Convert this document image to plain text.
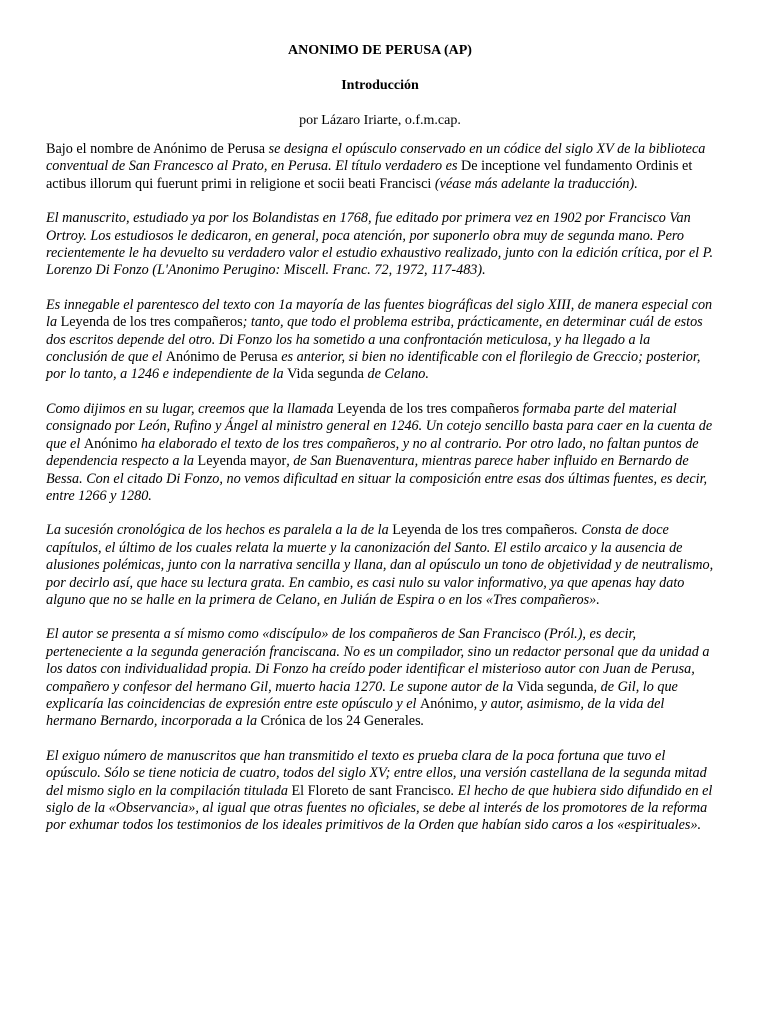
ANONIMO DE PERUSA (AP)
Introducción
por Lázaro Iriarte, o.f.m.cap.

Bajo el nombre de Anónimo de Perusa se designa el opúsculo conservado en un códice del siglo XV de la biblioteca conventual de San Francesco al Prato, en Perusa. El título verdadero es De inceptione vel fundamento Ordinis et actibus illorum qui fuerunt primi in religione et socii beati Francisci (véase más adelante la traducción).

El manuscrito, estudiado ya por los Bolandistas en 1768, fue editado por primera vez en 1902 por Francisco Van Ortroy. Los estudiosos le dedicaron, en general, poca atención, por suponerlo obra muy de segunda mano. Pero recientemente le ha devuelto su verdadero valor el estudio exhaustivo realizado, junto con la edición crítica, por el P. Lorenzo Di Fonzo (L'Anonimo Perugino: Miscell. Franc. 72, 1972, 117-483).

Es innegable el parentesco del texto con 1a mayoría de las fuentes biográficas del siglo XIII, de manera especial con la Leyenda de los tres compañeros; tanto, que todo el problema estriba, prácticamente, en determinar cuál de estos dos escritos depende del otro. Di Fonzo los ha sometido a una confrontación meticulosa, y ha llegado a la conclusión de que el Anónimo de Perusa es anterior, si bien no identificable con el florilegio de Greccio; posterior, por lo tanto, a 1246 e independiente de la Vida segunda de Celano.

Como dijimos en su lugar, creemos que la llamada Leyenda de los tres compañeros formaba parte del material consignado por León, Rufino y Ángel al ministro general en 1246. Un cotejo sencillo basta para caer en la cuenta de que el Anónimo ha elaborado el texto de los tres compañeros, y no al contrario. Por otro lado, no faltan puntos de dependencia respecto a la Leyenda mayor, de San Buenaventura, mientras parece haber influido en Bernardo de Bessa. Con el citado Di Fonzo, no vemos dificultad en situar la composición entre esas dos últimas fuentes, es decir, entre 1266 y 1280.

La sucesión cronológica de los hechos es paralela a la de la Leyenda de los tres compañeros. Consta de doce capítulos, el último de los cuales relata la muerte y la canonización del Santo. El estilo arcaico y la ausencia de alusiones polémicas, junto con la narrativa sencilla y llana, dan al opúsculo un tono de objetividad y de neutralismo, por decirlo así, que hace su lectura grata. En cambio, es casi nulo su valor informativo, ya que apenas hay dato alguno que no se halle en la primera de Celano, en Julián de Espira o en los «Tres compañeros».

El autor se presenta a sí mismo como «discípulo» de los compañeros de San Francisco (Pról.), es decir, perteneciente a la segunda generación franciscana. No es un compilador, sino un redactor personal que da unidad a los datos con individualidad propia. Di Fonzo ha creído poder identificar el misterioso autor con Juan de Perusa, compañero y confesor del hermano Gil, muerto hacia 1270. Le supone autor de la Vida segunda, de Gil, lo que explicaría las coincidencias de expresión entre este opúsculo y el Anónimo, y autor, asimismo, de la vida del hermano Bernardo, incorporada a la Crónica de los 24 Generales.

El exiguo número de manuscritos que han transmitido el texto es prueba clara de la poca fortuna que tuvo el opúsculo. Sólo se tiene noticia de cuatro, todos del siglo XV; entre ellos, una versión castellana de la segunda mitad del mismo siglo en la compilación titulada El Floreto de sant Francisco. El hecho de que hubiera sido difundido en el siglo de la «Observancia», al igual que otras fuentes no oficiales, se debe al interés de los promotores de la reforma por exhumar todos los testimonios de los ideales primitivos de la Orden que habían sido caros a los «espirituales».
